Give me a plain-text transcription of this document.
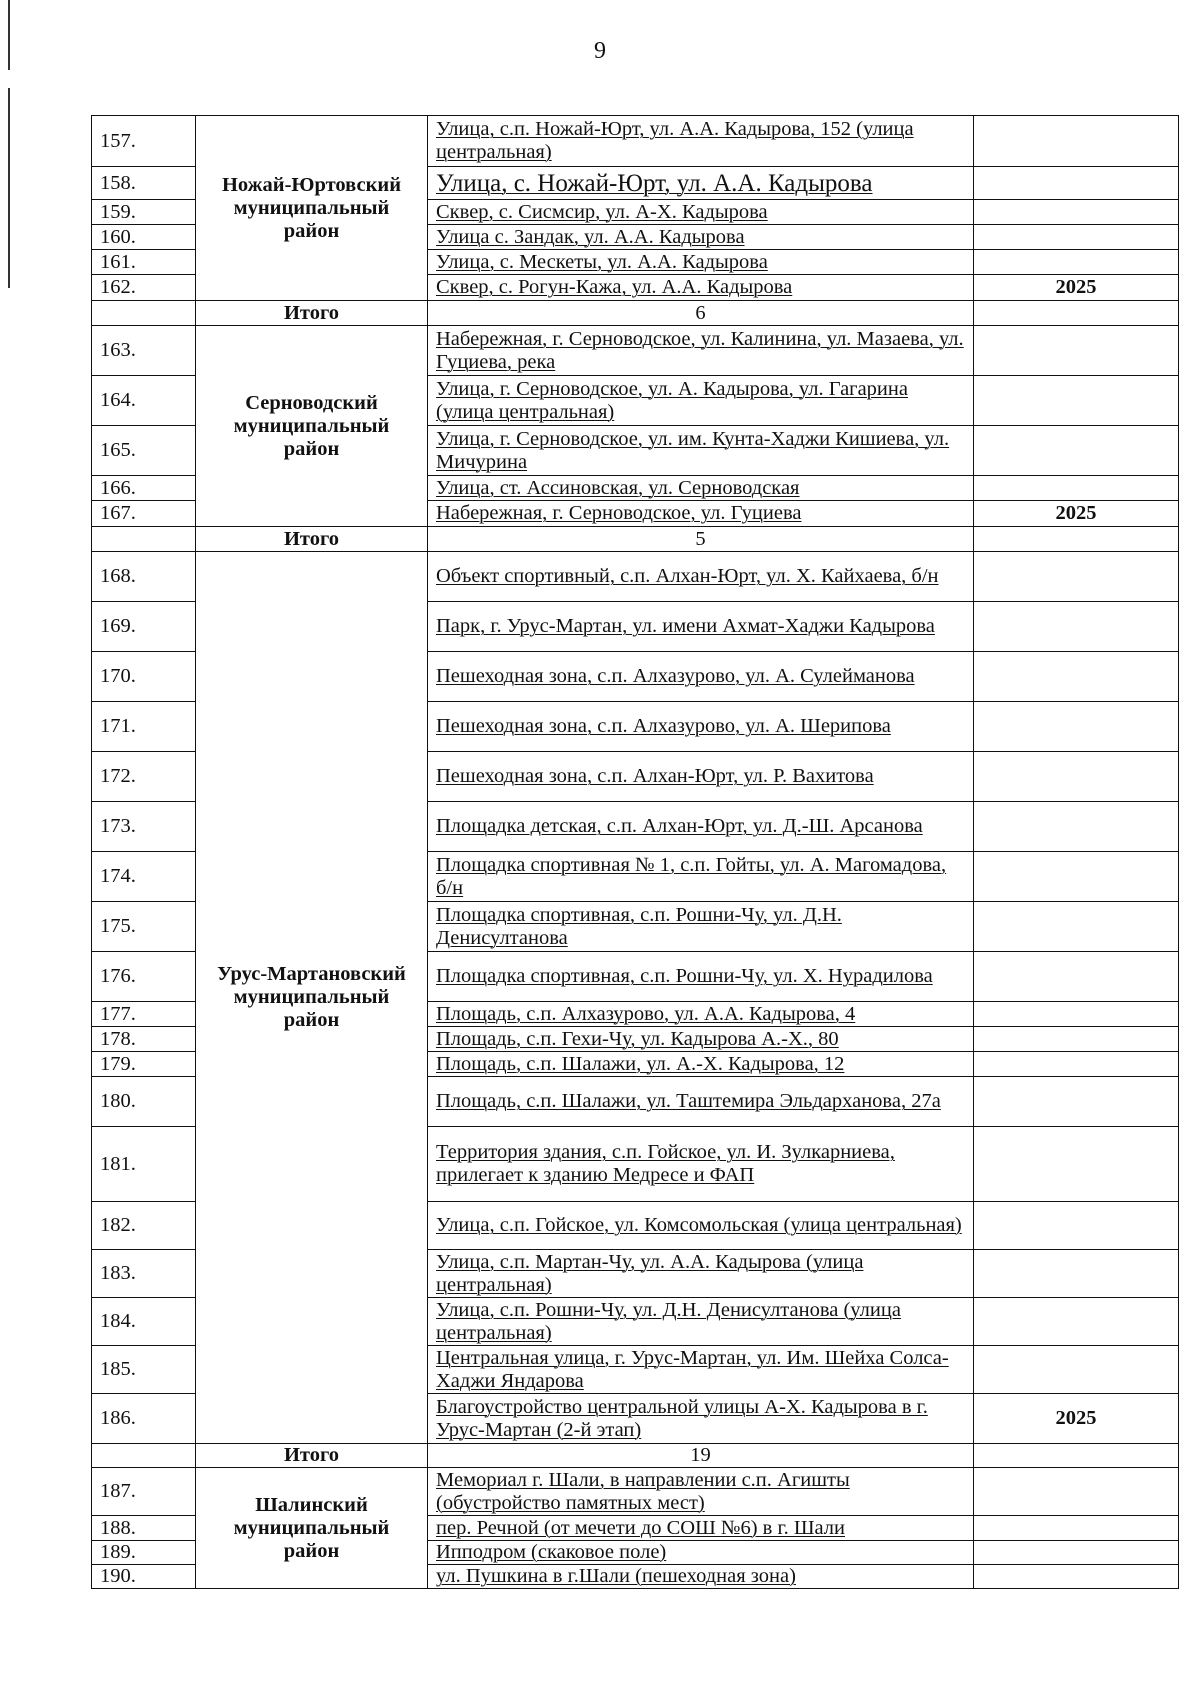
9
157.	Ножай-Юртовский муниципальный район	Улица, с.п. Ножай-Юрт, ул. А.А. Кадырова, 152 (улица центральная)	
158.		Улица, с. Ножай-Юрт, ул. А.А. Кадырова	
159.		Сквер, с. Сисмсир, ул. А-Х. Кадырова	
160.		Улица с. Зандак, ул. А.А. Кадырова	
161.		Улица, с. Мескеты, ул. А.А. Кадырова	
162.		Сквер, с. Рогун-Кажа, ул. А.А. Кадырова	2025
	Итого	6	
163.	Серноводский муниципальный район	Набережная, г. Серноводское, ул. Калинина, ул. Мазаева, ул. Гуциева, река	
164.		Улица, г. Серноводское, ул. А. Кадырова, ул. Гагарина (улица центральная)	
165.		Улица, г. Серноводское, ул. им. Кунта-Хаджи Кишиева, ул. Мичурина	
166.		Улица, ст. Ассиновская, ул. Серноводская	
167.		Набережная, г. Серноводское, ул. Гуциева	2025
	Итого	5	
168.	Урус-Мартановский муниципальный район	Объект спортивный, с.п. Алхан-Юрт, ул. Х. Кайхаева, б/н	
169.		Парк, г. Урус-Мартан, ул. имени Ахмат-Хаджи Кадырова	
170.		Пешеходная зона, с.п. Алхазурово, ул. А. Сулейманова	
171.		Пешеходная зона, с.п. Алхазурово, ул. А. Шерипова	
172.		Пешеходная зона, с.п. Алхан-Юрт, ул. Р. Вахитова	
173.		Площадка детская, с.п. Алхан-Юрт, ул. Д.-Ш. Арсанова	
174.		Площадка спортивная № 1, с.п. Гойты, ул. А. Магомадова, б/н	
175.		Площадка спортивная, с.п. Рошни-Чу, ул. Д.Н. Денисултанова	
176.		Площадка спортивная, с.п. Рошни-Чу, ул. Х. Нурадилова	
177.		Площадь, с.п. Алхазурово, ул. А.А. Кадырова, 4	
178.		Площадь, с.п. Гехи-Чу, ул. Кадырова А.-Х., 80	
179.		Площадь, с.п. Шалажи, ул. А.-Х. Кадырова, 12	
180.		Площадь, с.п. Шалажи, ул. Таштемира Эльдарханова, 27а	
181.		Территория здания, с.п. Гойское, ул. И. Зулкарниева, прилегает к зданию Медресе и ФАП	
182.		Улица, с.п. Гойское, ул. Комсомольская (улица центральная)	
183.		Улица, с.п. Мартан-Чу, ул. А.А. Кадырова (улица центральная)	
184.		Улица, с.п. Рошни-Чу, ул. Д.Н. Денисултанова (улица центральная)	
185.		Центральная улица, г. Урус-Мартан, ул. Им. Шейха Солса-Хаджи Яндарова	
186.		Благоустройство центральной улицы А-Х. Кадырова в г. Урус-Мартан (2-й этап)	2025
	Итого	19	
187.	Шалинский муниципальный район	Мемориал г. Шали, в направлении с.п. Агишты (обустройство памятных мест)	
188.		пер. Речной (от мечети до СОШ №6) в г. Шали	
189.		Ипподром (скаковое поле)	
190.		ул. Пушкина в г.Шали (пешеходная зона)	
